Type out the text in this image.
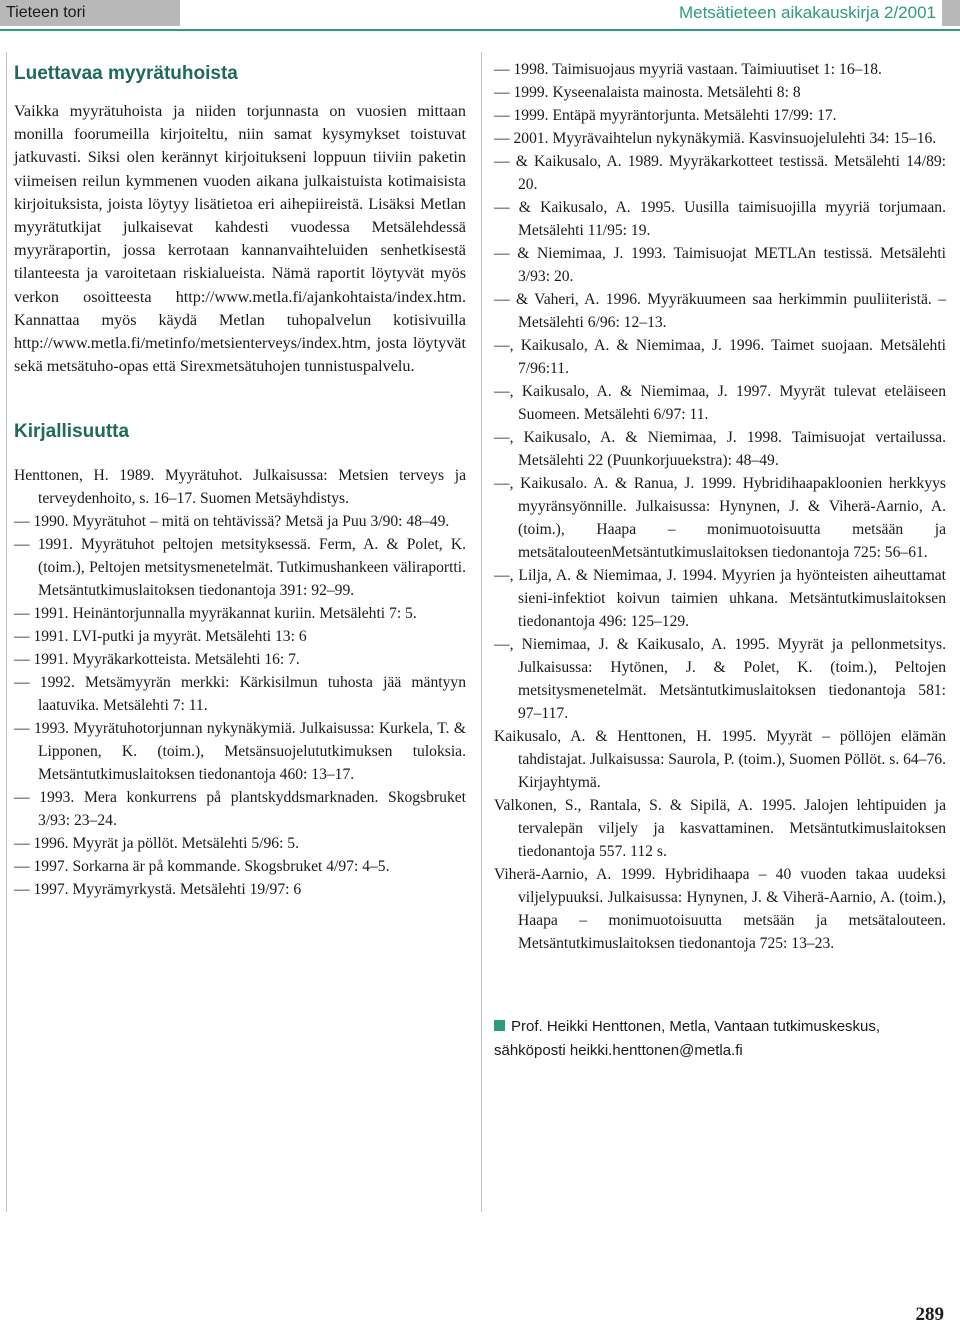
Tieteen tori	Metsätieteen aikakauskirja 2/2001
Luettavaa myyrätuhoista

Vaikka myyrätuhoista ja niiden torjunnasta on vuosien mittaan monilla foorumeilla kirjoiteltu, niin samat kysymykset toistuvat jatkuvasti. Siksi olen kerännyt kirjoitukseni loppuun tiiviin paketin viimeisen reilun kymmenen vuoden aikana julkaistuista kotimaisista kirjoituksista, joista löytyy lisätietoa eri aihepiireistä. Lisäksi Metlan myyrätutkijat julkaisevat kahdesti vuodessa Metsälehdessä myyräraportin, jossa kerrotaan kannanvaihteluiden senhetkisestä tilanteesta ja varoitetaan riskialueista. Nämä raportit löytyvät myös verkon osoitteesta http://www.metla.fi/ajankohtaista/index.htm. Kannattaa myös käydä Metlan tuhopalvelun kotisivuilla http://www.metla.fi/metinfo/metsienterveys/index.htm, josta löytyvät sekä metsätuho-opas että Sirexmetsätuhojen tunnistuspalvelu.

Kirjallisuutta
Henttonen, H. 1989. Myyrätuhot. Julkaisussa: Metsien terveys ja terveydenhoito, s. 16–17. Suomen Metsäyhdistys.
— 1990. Myyrätuhot – mitä on tehtävissä? Metsä ja Puu 3/90: 48–49.
— 1991. Myyrätuhot peltojen metsityksessä. Ferm, A. & Polet, K. (toim.), Peltojen metsitysmenetelmät. Tutkimushankeen väliraportti. Metsäntutkimuslaitoksen tiedonantoja 391: 92–99.
— 1991. Heinäntorjunnalla myyräkannat kuriin. Metsälehti 7: 5.
— 1991. LVI-putki ja myyrät. Metsälehti 13: 6
— 1991. Myyräkarkotteista. Metsälehti 16: 7.
— 1992. Metsämyyrän merkki: Kärkisilmun tuhosta jää mäntyyn laatuvika. Metsälehti 7: 11.
— 1993. Myyrätuhotorjunnan nykynäkymiä. Julkaisussa: Kurkela, T. & Lipponen, K. (toim.), Metsänsuojelututkimuksen tuloksia. Metsäntutkimuslaitoksen tiedonantoja 460: 13–17.
— 1993. Mera konkurrens på plantskyddsmarknaden. Skogsbruket 3/93: 23–24.
— 1996. Myyrät ja pöllöt. Metsälehti 5/96: 5.
— 1997. Sorkarna är på kommande. Skogsbruket 4/97: 4–5.
— 1997. Myyrämyrkystä. Metsälehti 19/97: 6
— 1998. Taimisuojaus myyriä vastaan. Taimiuutiset 1: 16–18.
— 1999. Kyseenalaista mainosta. Metsälehti 8: 8
— 1999. Entäpä myyräntorjunta. Metsälehti 17/99: 17.
— 2001. Myyrävaihtelun nykynäkymiä. Kasvinsuojelulehti 34: 15–16.
— & Kaikusalo, A. 1989. Myyräkarkotteet testissä. Metsälehti 14/89: 20.
— & Kaikusalo, A. 1995. Uusilla taimisuojilla myyriä torjumaan. Metsälehti 11/95: 19.
— & Niemimaa, J. 1993. Taimisuojat METLAn testissä. Metsälehti 3/93: 20.
— & Vaheri, A. 1996. Myyräkuumeen saa herkimmin puuliiteristä. – Metsälehti 6/96: 12–13.
—, Kaikusalo, A. & Niemimaa, J. 1996. Taimet suojaan. Metsälehti 7/96:11.
—, Kaikusalo, A. & Niemimaa, J. 1997. Myyrät tulevat eteläiseen Suomeen. Metsälehti 6/97: 11.
—, Kaikusalo, A. & Niemimaa, J. 1998. Taimisuojat vertailussa. Metsälehti 22 (Puunkorjuuekstra): 48–49.
—, Kaikusalo. A. & Ranua, J. 1999. Hybridihaapakloonien herkkyys myyränsyönnille. Julkaisussa: Hynynen, J. & Viherä-Aarnio, A. (toim.), Haapa – monimuotoisuutta metsään ja metsätalouteenMetsäntutkimuslaitoksen tiedonantoja 725: 56–61.
—, Lilja, A. & Niemimaa, J. 1994. Myyrien ja hyönteisten aiheuttamat sieni-infektiot koivun taimien uhkana. Metsäntutkimuslaitoksen tiedonantoja 496: 125–129.
—, Niemimaa, J. & Kaikusalo, A. 1995. Myyrät ja pellonmetsitys. Julkaisussa: Hytönen, J. & Polet, K. (toim.), Peltojen metsitysmenetelmät. Metsäntutkimuslaitoksen tiedonantoja 581: 97–117.
Kaikusalo, A. & Henttonen, H. 1995. Myyrät – pöllöjen elämän tahdistajat. Julkaisussa: Saurola, P. (toim.), Suomen Pöllöt. s. 64–76. Kirjayhtymä.
Valkonen, S., Rantala, S. & Sipilä, A. 1995. Jalojen lehtipuiden ja tervalepän viljely ja kasvattaminen. Metsäntutkimuslaitoksen tiedonantoja 557. 112 s.
Viherä-Aarnio, A. 1999. Hybridihaapa – 40 vuoden takaa uudeksi viljelypuuksi. Julkaisussa: Hynynen, J. & Viherä-Aarnio, A. (toim.), Haapa – monimuotoisuutta metsään ja metsätalouteen. Metsäntutkimuslaitoksen tiedonantoja 725: 13–23.
Prof. Heikki Henttonen, Metla, Vantaan tutkimuskeskus, sähköposti heikki.henttonen@metla.fi
289
